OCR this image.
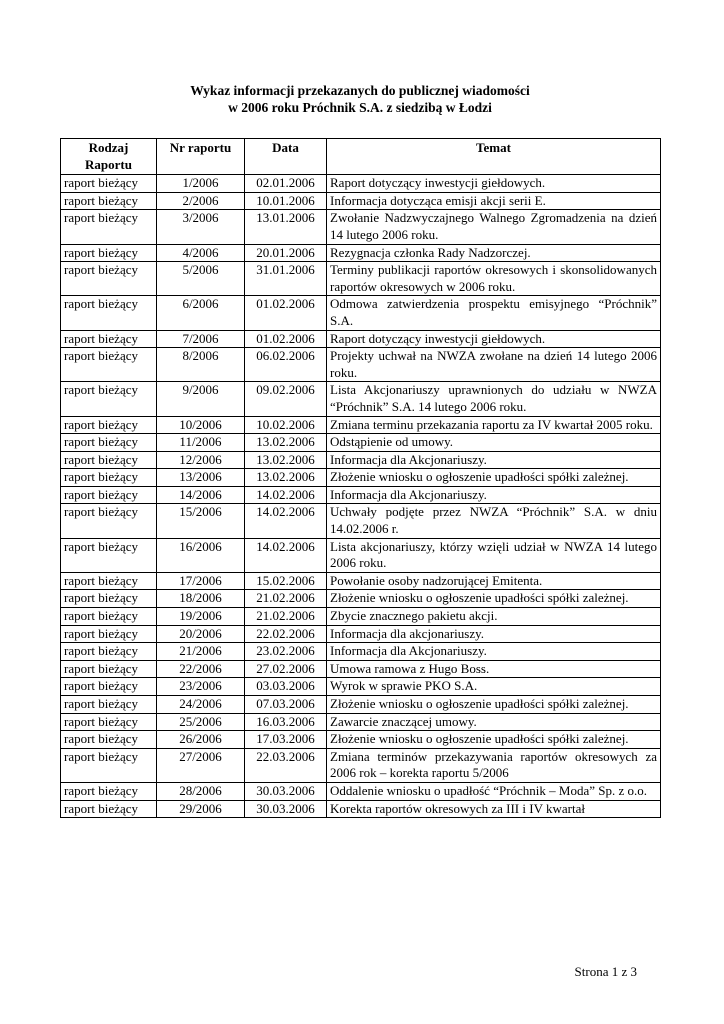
Wykaz informacji przekazanych do publicznej wiadomości
w 2006 roku Próchnik S.A. z siedzibą w Łodzi
Rodzaj Raportu	Nr raportu	Data	Temat
raport bieżący	1/2006	02.01.2006	Raport dotyczący inwestycji giełdowych.
raport bieżący	2/2006	10.01.2006	Informacja dotycząca emisji akcji serii E.
raport bieżący	3/2006	13.01.2006	Zwołanie Nadzwyczajnego Walnego Zgromadzenia na dzień 14 lutego 2006 roku.
raport bieżący	4/2006	20.01.2006	Rezygnacja członka Rady Nadzorczej.
raport bieżący	5/2006	31.01.2006	Terminy publikacji raportów okresowych i skonsolidowanych raportów okresowych w 2006 roku.
raport bieżący	6/2006	01.02.2006	Odmowa zatwierdzenia prospektu emisyjnego “Próchnik” S.A.
raport bieżący	7/2006	01.02.2006	Raport dotyczący inwestycji giełdowych.
raport bieżący	8/2006	06.02.2006	Projekty uchwał na NWZA zwołane na dzień 14 lutego 2006 roku.
raport bieżący	9/2006	09.02.2006	Lista Akcjonariuszy uprawnionych do udziału w NWZA “Próchnik” S.A. 14 lutego 2006 roku.
raport bieżący	10/2006	10.02.2006	Zmiana terminu przekazania raportu za IV kwartał 2005 roku.
raport bieżący	11/2006	13.02.2006	Odstąpienie od umowy.
raport bieżący	12/2006	13.02.2006	Informacja dla Akcjonariuszy.
raport bieżący	13/2006	13.02.2006	Złożenie wniosku o ogłoszenie upadłości spółki zależnej.
raport bieżący	14/2006	14.02.2006	Informacja dla Akcjonariuszy.
raport bieżący	15/2006	14.02.2006	Uchwały podjęte przez NWZA “Próchnik” S.A. w dniu 14.02.2006 r.
raport bieżący	16/2006	14.02.2006	Lista akcjonariuszy, którzy wzięli udział w NWZA 14 lutego 2006 roku.
raport bieżący	17/2006	15.02.2006	Powołanie osoby nadzorującej Emitenta.
raport bieżący	18/2006	21.02.2006	Złożenie wniosku o ogłoszenie upadłości spółki zależnej.
raport bieżący	19/2006	21.02.2006	Zbycie znacznego pakietu akcji.
raport bieżący	20/2006	22.02.2006	Informacja dla akcjonariuszy.
raport bieżący	21/2006	23.02.2006	Informacja dla Akcjonariuszy.
raport bieżący	22/2006	27.02.2006	Umowa ramowa z Hugo Boss.
raport bieżący	23/2006	03.03.2006	Wyrok w sprawie PKO S.A.
raport bieżący	24/2006	07.03.2006	Złożenie wniosku o ogłoszenie upadłości spółki zależnej.
raport bieżący	25/2006	16.03.2006	Zawarcie znaczącej umowy.
raport bieżący	26/2006	17.03.2006	Złożenie wniosku o ogłoszenie upadłości spółki zależnej.
raport bieżący	27/2006	22.03.2006	Zmiana terminów przekazywania raportów okresowych za 2006 rok – korekta raportu 5/2006
raport bieżący	28/2006	30.03.2006	Oddalenie wniosku o upadłość “Próchnik – Moda” Sp. z o.o.
raport bieżący	29/2006	30.03.2006	Korekta raportów okresowych za III i IV kwartał
Strona 1 z 3
